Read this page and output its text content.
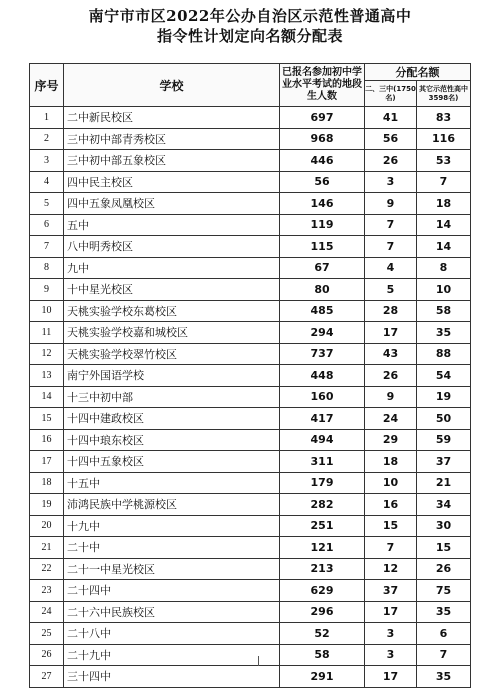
南宁市市区2022年公办自治区示范性普通高中
指令性计划定向名额分配表
序号	学校	已报名参加初中学业水平考试的地段生人数	分配名额	
			二、三中(1750名)	其它示范性高中3598名)
1	二中新民校区	697	41	83
2	三中初中部青秀校区	968	56	116
3	三中初中部五象校区	446	26	53
4	四中民主校区	56	3	7
5	四中五象凤凰校区	146	9	18
6	五中	119	7	14
7	八中明秀校区	115	7	14
8	九中	67	4	8
9	十中星光校区	80	5	10
10	天桃实验学校东葛校区	485	28	58
11	天桃实验学校嘉和城校区	294	17	35
12	天桃实验学校翠竹校区	737	43	88
13	南宁外国语学校	448	26	54
14	十三中初中部	160	9	19
15	十四中建政校区	417	24	50
16	十四中琅东校区	494	29	59
17	十四中五象校区	311	18	37
18	十五中	179	10	21
19	沛鸿民族中学桃源校区	282	16	34
20	十九中	251	15	30
21	二十中	121	7	15
22	二十一中星光校区	213	12	26
23	二十四中	629	37	75
24	二十六中民族校区	296	17	35
25	二十八中	52	3	6
26	二十九中	58	3	7
27	三十四中	291	17	35
